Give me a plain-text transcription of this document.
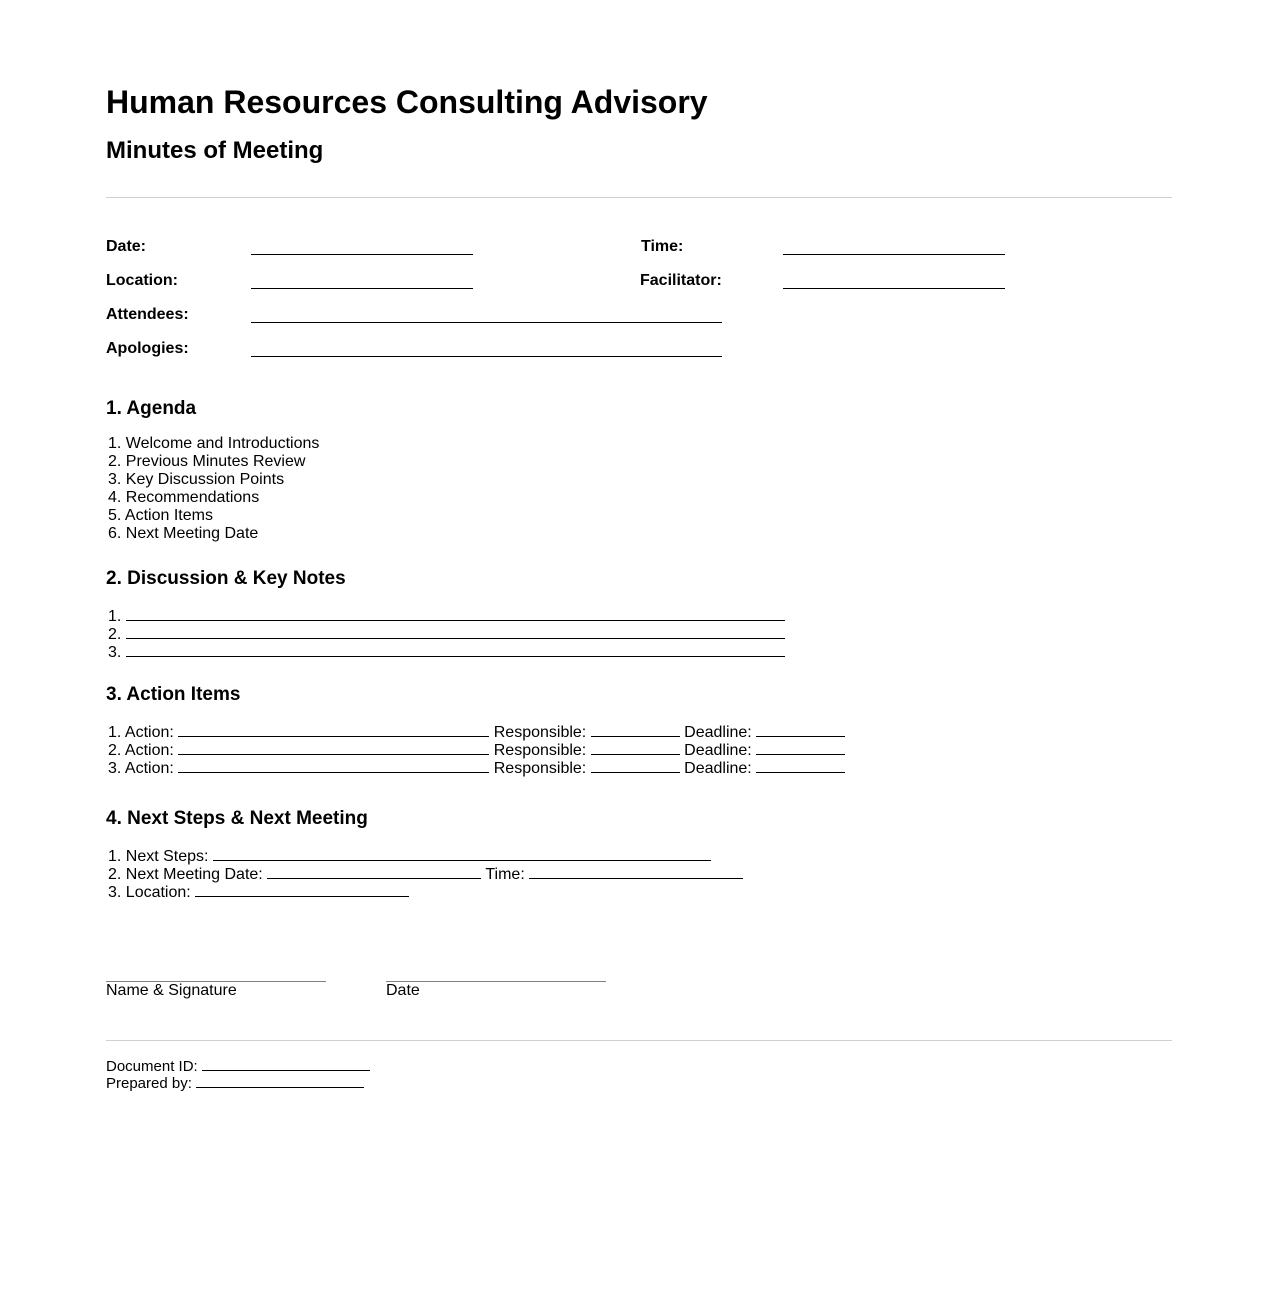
Human Resources Consulting Advisory
Minutes of Meeting
Date:	Time:
Location:	Facilitator:
Attendees:
Apologies:
1. Agenda
1. Welcome and Introductions
2. Previous Minutes Review
3. Key Discussion Points
4. Recommendations
5. Action Items
6. Next Meeting Date
2. Discussion & Key Notes
1.
2.
3.
3. Action Items
1. Action:	Responsible:	Deadline:
2. Action:	Responsible:	Deadline:
3. Action:	Responsible:	Deadline:
4. Next Steps & Next Meeting
1. Next Steps:
2. Next Meeting Date:	Time:
3. Location:
Name & Signature	Date
Document ID:
Prepared by:
